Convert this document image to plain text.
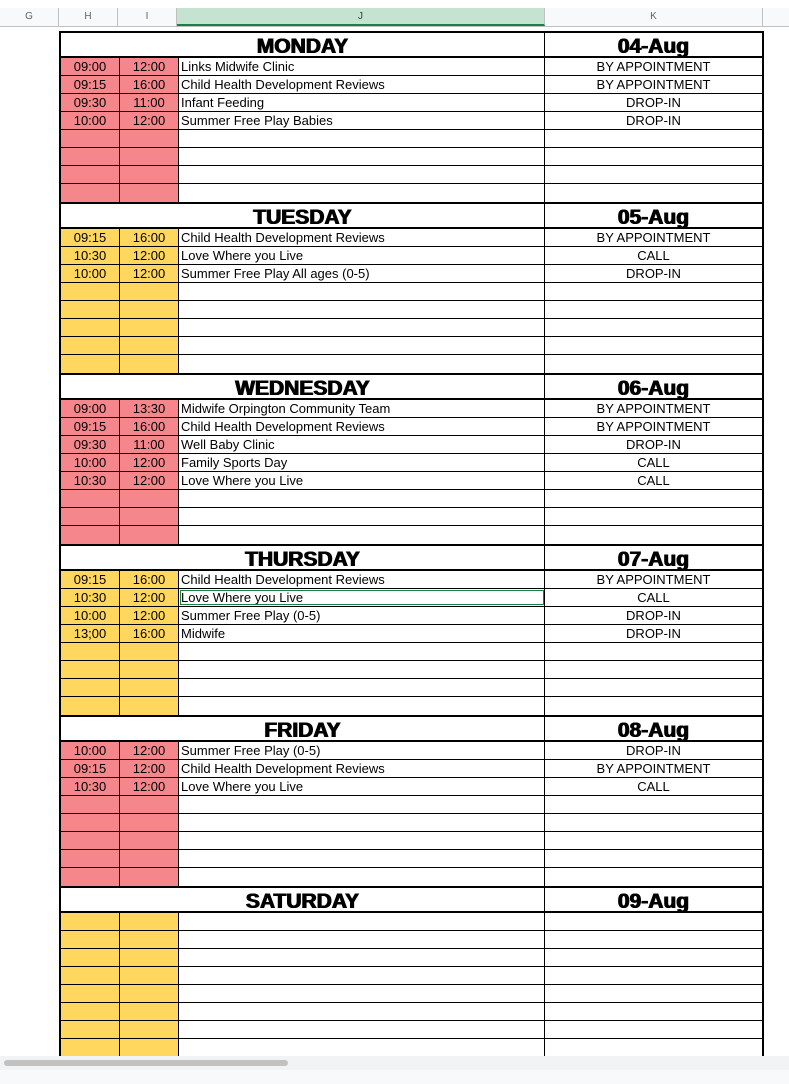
G	H	I	J	K
MONDAY	04-Aug
09:00	12:00	Links Midwife Clinic	BY APPOINTMENT
09:15	16:00	Child Health Development Reviews	BY APPOINTMENT
09:30	11:00	Infant Feeding	DROP-IN
10:00	12:00	Summer Free Play Babies	DROP-IN
TUESDAY	05-Aug
09:15	16:00	Child Health Development Reviews	BY APPOINTMENT
10:30	12:00	Love Where you Live	CALL
10:00	12:00	Summer Free Play All ages (0-5)	DROP-IN
WEDNESDAY	06-Aug
09:00	13:30	Midwife Orpington Community Team	BY APPOINTMENT
09:15	16:00	Child Health Development Reviews	BY APPOINTMENT
09:30	11:00	Well Baby Clinic	DROP-IN
10:00	12:00	Family Sports Day	CALL
10:30	12:00	Love Where you Live	CALL
THURSDAY	07-Aug
09:15	16:00	Child Health Development Reviews	BY APPOINTMENT
10:30	12:00	Love Where you Live	CALL
10:00	12:00	Summer Free Play (0-5)	DROP-IN
13;00	16:00	Midwife	DROP-IN
FRIDAY	08-Aug
10:00	12:00	Summer Free Play (0-5)	DROP-IN
09:15	12:00	Child Health Development Reviews	BY APPOINTMENT
10:30	12:00	Love Where you Live	CALL
SATURDAY	09-Aug
